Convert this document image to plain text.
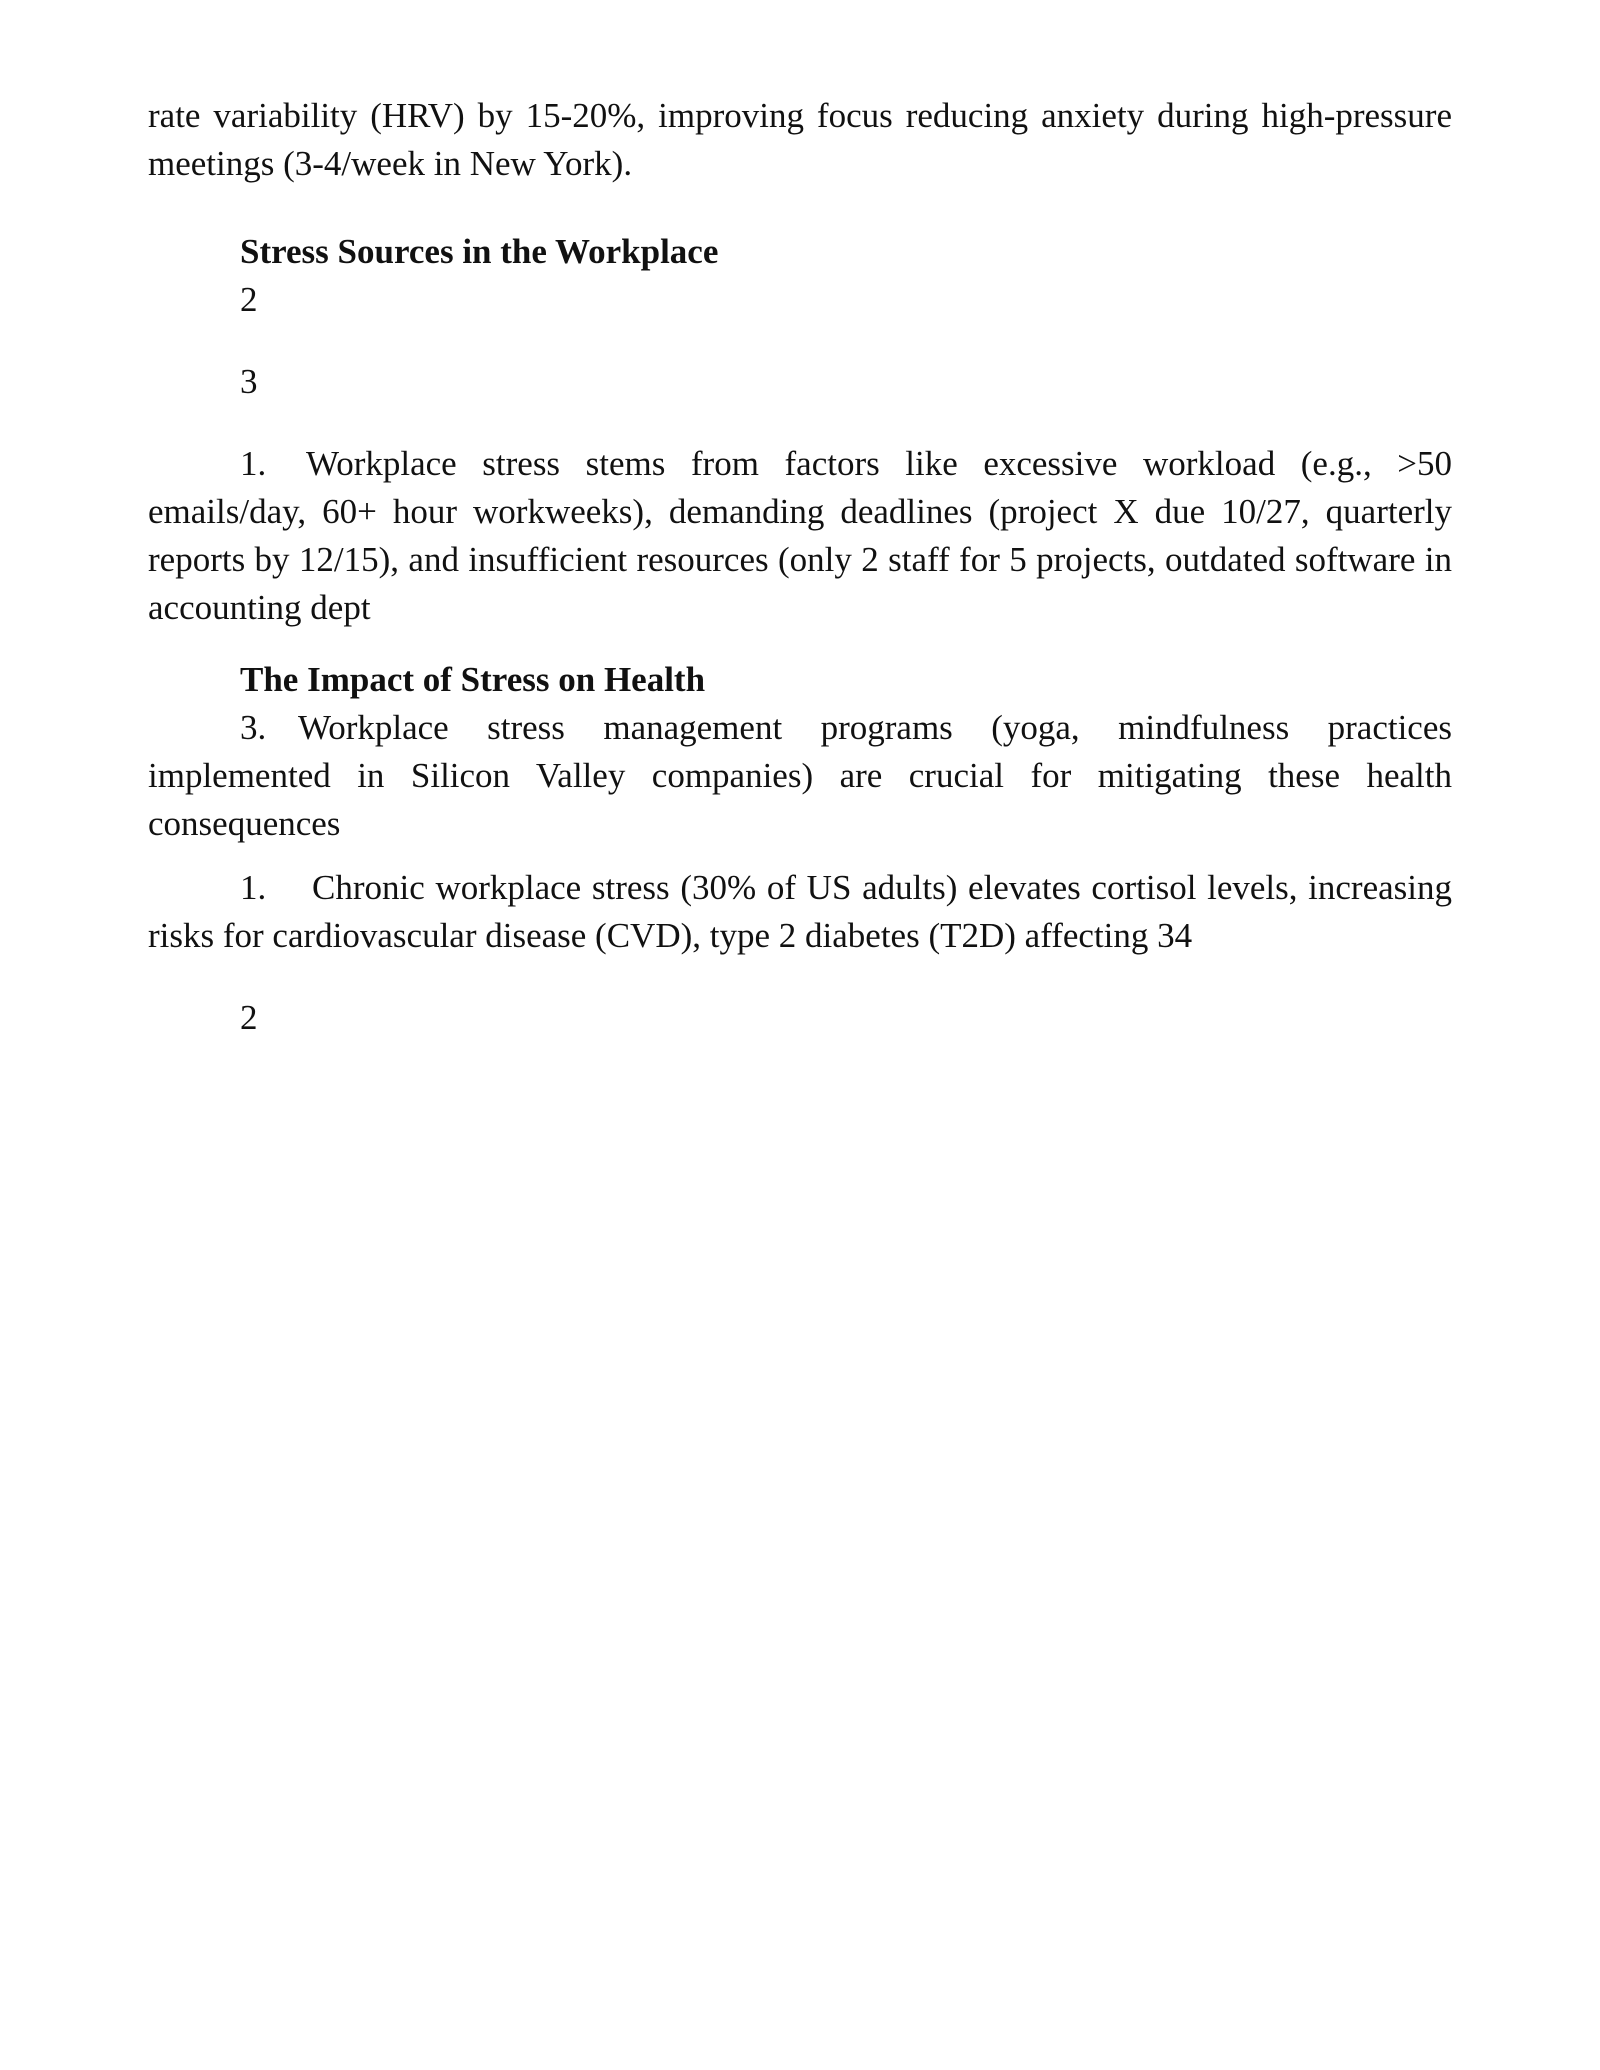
rate variability (HRV) by 15-20%, improving focus reducing anxiety during high-pressure meetings (3-4/week in New York).

Stress Sources in the Workplace

2

3

1. Workplace stress stems from factors like excessive workload (e.g., >50 emails/day, 60+ hour workweeks), demanding deadlines (project X due 10/27, quarterly reports by 12/15), and insufficient resources (only 2 staff for 5 projects, outdated software in accounting dept

The Impact of Stress on Health

3. Workplace stress management programs (yoga, mindfulness practices implemented in Silicon Valley companies) are crucial for mitigating these health consequences

1. Chronic workplace stress (30% of US adults) elevates cortisol levels, increasing risks for cardiovascular disease (CVD), type 2 diabetes (T2D) affecting 34

2
